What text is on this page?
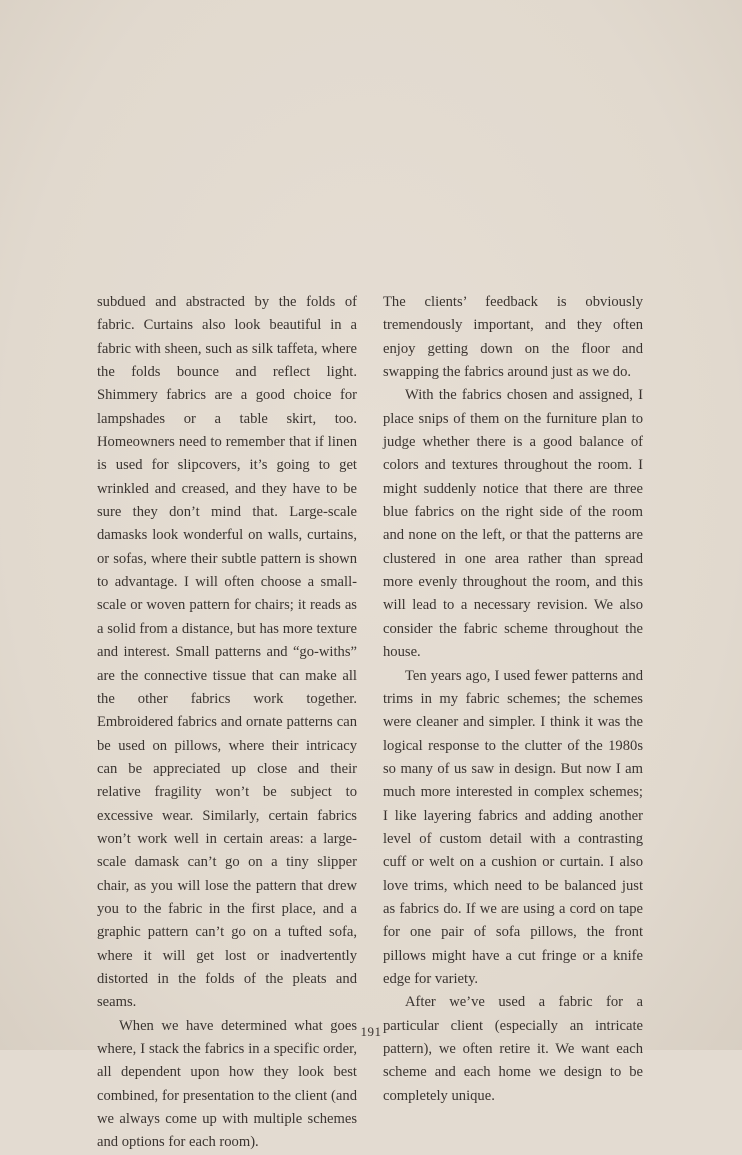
subdued and abstracted by the folds of fabric. Curtains also look beautiful in a fabric with sheen, such as silk taffeta, where the folds bounce and reflect light. Shimmery fabrics are a good choice for lampshades or a table skirt, too. Homeowners need to remember that if linen is used for slipcovers, it’s going to get wrinkled and creased, and they have to be sure they don’t mind that. Large-scale damasks look wonderful on walls, curtains, or sofas, where their subtle pattern is shown to advantage. I will often choose a small-scale or woven pattern for chairs; it reads as a solid from a distance, but has more texture and interest. Small patterns and “go-withs” are the connective tissue that can make all the other fabrics work together. Embroidered fabrics and ornate patterns can be used on pillows, where their intricacy can be appreciated up close and their relative fragility won’t be subject to excessive wear. Similarly, certain fabrics won’t work well in certain areas: a large-scale damask can’t go on a tiny slipper chair, as you will lose the pattern that drew you to the fabric in the first place, and a graphic pattern can’t go on a tufted sofa, where it will get lost or inadvertently distorted in the folds of the pleats and seams.

When we have determined what goes where, I stack the fabrics in a specific order, all dependent upon how they look best combined, for presentation to the client (and we always come up with multiple schemes and options for each room).

The clients’ feedback is obviously tremendously important, and they often enjoy getting down on the floor and swapping the fabrics around just as we do.

With the fabrics chosen and assigned, I place snips of them on the furniture plan to judge whether there is a good balance of colors and textures throughout the room. I might suddenly notice that there are three blue fabrics on the right side of the room and none on the left, or that the patterns are clustered in one area rather than spread more evenly throughout the room, and this will lead to a necessary revision. We also consider the fabric scheme throughout the house.

Ten years ago, I used fewer patterns and trims in my fabric schemes; the schemes were cleaner and simpler. I think it was the logical response to the clutter of the 1980s so many of us saw in design. But now I am much more interested in complex schemes; I like layering fabrics and adding another level of custom detail with a contrasting cuff or welt on a cushion or curtain. I also love trims, which need to be balanced just as fabrics do. If we are using a cord on tape for one pair of sofa pillows, the front pillows might have a cut fringe or a knife edge for variety.

After we’ve used a fabric for a particular client (especially an intricate pattern), we often retire it. We want each scheme and each home we design to be completely unique.

191
